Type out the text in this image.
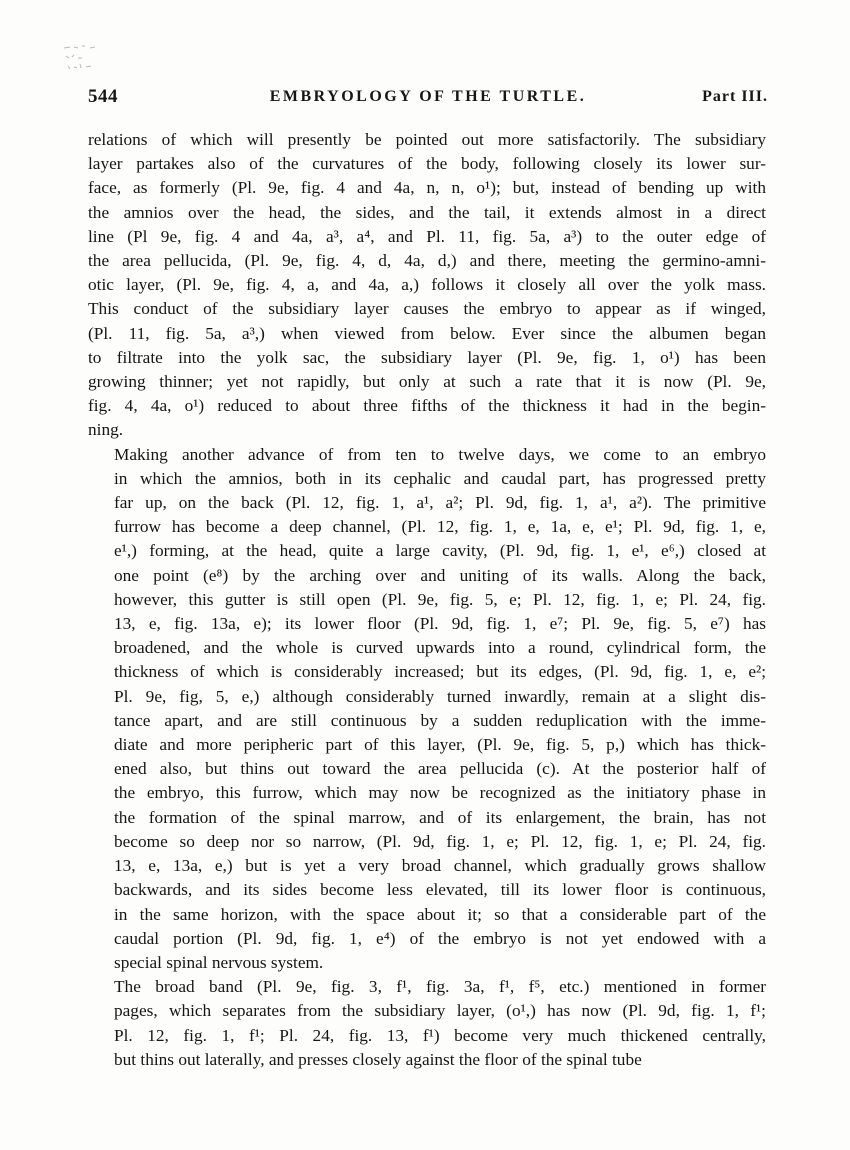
544	EMBRYOLOGY OF THE TURTLE.	Part III.
relations of which will presently be pointed out more satisfactorily. The subsidiary
layer partakes also of the curvatures of the body, following closely its lower sur-
face, as formerly (Pl. 9e, fig. 4 and 4a, n, n, o¹); but, instead of bending up with
the amnios over the head, the sides, and the tail, it extends almost in a direct
line (Pl 9e, fig. 4 and 4a, a³, a⁴, and Pl. 11, fig. 5a, a³) to the outer edge of
the area pellucida, (Pl. 9e, fig. 4, d, 4a, d,) and there, meeting the germino-amni-
otic layer, (Pl. 9e, fig. 4, a, and 4a, a,) follows it closely all over the yolk mass.
This conduct of the subsidiary layer causes the embryo to appear as if winged,
(Pl. 11, fig. 5a, a³,) when viewed from below. Ever since the albumen began
to filtrate into the yolk sac, the subsidiary layer (Pl. 9e, fig. 1, o¹) has been
growing thinner; yet not rapidly, but only at such a rate that it is now (Pl. 9e,
fig. 4, 4a, o¹) reduced to about three fifths of the thickness it had in the begin-
ning.
Making another advance of from ten to twelve days, we come to an embryo
in which the amnios, both in its cephalic and caudal part, has progressed pretty
far up, on the back (Pl. 12, fig. 1, a¹, a²; Pl. 9d, fig. 1, a¹, a²). The primitive
furrow has become a deep channel, (Pl. 12, fig. 1, e, 1a, e, e¹; Pl. 9d, fig. 1, e,
e¹,) forming, at the head, quite a large cavity, (Pl. 9d, fig. 1, e¹, e⁶,) closed at
one point (e⁸) by the arching over and uniting of its walls. Along the back,
however, this gutter is still open (Pl. 9e, fig. 5, e; Pl. 12, fig. 1, e; Pl. 24, fig.
13, e, fig. 13a, e); its lower floor (Pl. 9d, fig. 1, e⁷; Pl. 9e, fig. 5, e⁷) has
broadened, and the whole is curved upwards into a round, cylindrical form, the
thickness of which is considerably increased; but its edges, (Pl. 9d, fig. 1, e, e²;
Pl. 9e, fig, 5, e,) although considerably turned inwardly, remain at a slight dis-
tance apart, and are still continuous by a sudden reduplication with the imme-
diate and more peripheric part of this layer, (Pl. 9e, fig. 5, p,) which has thick-
ened also, but thins out toward the area pellucida (c). At the posterior half of
the embryo, this furrow, which may now be recognized as the initiatory phase in
the formation of the spinal marrow, and of its enlargement, the brain, has not
become so deep nor so narrow, (Pl. 9d, fig. 1, e; Pl. 12, fig. 1, e; Pl. 24, fig.
13, e, 13a, e,) but is yet a very broad channel, which gradually grows shallow
backwards, and its sides become less elevated, till its lower floor is continuous,
in the same horizon, with the space about it; so that a considerable part of the
caudal portion (Pl. 9d, fig. 1, e⁴) of the embryo is not yet endowed with a
special spinal nervous system.
The broad band (Pl. 9e, fig. 3, f¹, fig. 3a, f¹, f⁵, etc.) mentioned in former
pages, which separates from the subsidiary layer, (o¹,) has now (Pl. 9d, fig. 1, f¹;
Pl. 12, fig. 1, f¹; Pl. 24, fig. 13, f¹) become very much thickened centrally,
but thins out laterally, and presses closely against the floor of the spinal tube
